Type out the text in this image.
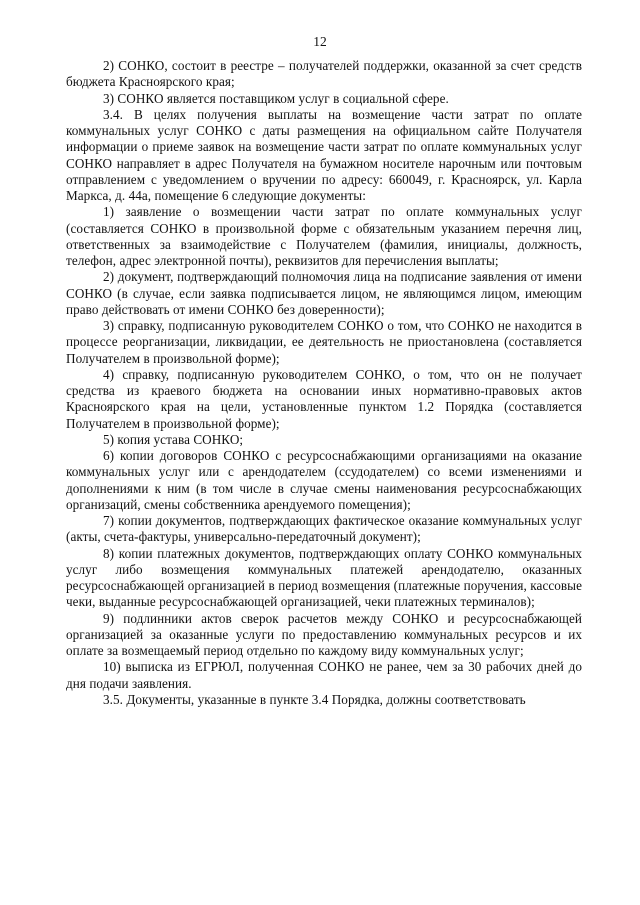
12

2) СОНКО, состоит в реестре – получателей поддержки, оказанной за счет средств бюджета Красноярского края;

3) СОНКО является поставщиком услуг в социальной сфере.

3.4. В целях получения выплаты на возмещение части затрат по оплате коммунальных услуг СОНКО с даты размещения на официальном сайте Получателя информации о приеме заявок на возмещение части затрат по оплате коммунальных услуг СОНКО направляет в адрес Получателя на бумажном носителе нарочным или почтовым отправлением с уведомлением о вручении по адресу: 660049, г. Красноярск, ул. Карла Маркса, д. 44а, помещение 6 следующие документы:

1) заявление о возмещении части затрат по оплате коммунальных услуг (составляется СОНКО в произвольной форме с обязательным указанием перечня лиц, ответственных за взаимодействие с Получателем (фамилия, инициалы, должность, телефон, адрес электронной почты), реквизитов для перечисления выплаты;

2) документ, подтверждающий полномочия лица на подписание заявления от имени СОНКО (в случае, если заявка подписывается лицом, не являющимся лицом, имеющим право действовать от имени СОНКО без доверенности);

3) справку, подписанную руководителем СОНКО о том, что СОНКО не находится в процессе реорганизации, ликвидации, ее деятельность не приостановлена (составляется Получателем в произвольной форме);

4) справку, подписанную руководителем СОНКО, о том, что он не получает средства из краевого бюджета на основании иных нормативно-правовых актов Красноярского края на цели, установленные пунктом 1.2 Порядка (составляется Получателем в произвольной форме);

5) копия устава СОНКО;

6) копии договоров СОНКО с ресурсоснабжающими организациями на оказание коммунальных услуг или с арендодателем (ссудодателем) со всеми изменениями и дополнениями к ним (в том числе в случае смены наименования ресурсоснабжающих организаций, смены собственника арендуемого помещения);

7) копии документов, подтверждающих фактическое оказание коммунальных услуг (акты, счета-фактуры, универсально-передаточный документ);

8) копии платежных документов, подтверждающих оплату СОНКО коммунальных услуг либо возмещения коммунальных платежей арендодателю, оказанных ресурсоснабжающей организацией в период возмещения (платежные поручения, кассовые чеки, выданные ресурсоснабжающей организацией, чеки платежных терминалов);

9) подлинники актов сверок расчетов между СОНКО и ресурсоснабжающей организацией за оказанные услуги по предоставлению коммунальных ресурсов и их оплате за возмещаемый период отдельно по каждому виду коммунальных услуг;

10) выписка из ЕГРЮЛ, полученная СОНКО не ранее, чем за 30 рабочих дней до дня подачи заявления.

3.5. Документы, указанные в пункте 3.4 Порядка, должны соответствовать
